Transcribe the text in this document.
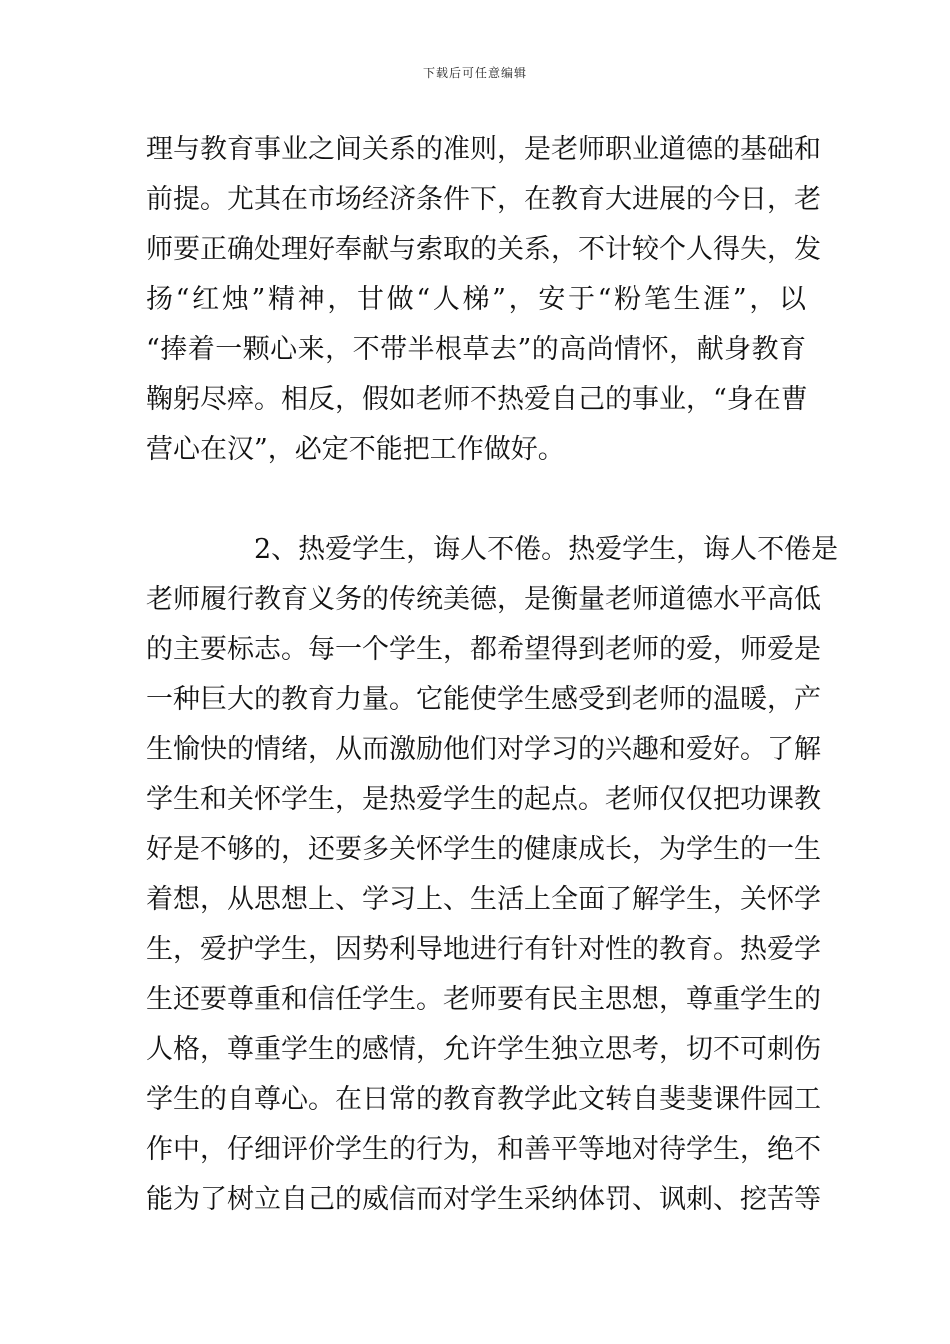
下载后可任意编辑
理与教育事业之间关系的准则，是老师职业道德的基础和
前提。尤其在市场经济条件下，在教育大进展的今日，老
师要正确处理好奉献与索取的关系，不计较个人得失，发
扬“红烛”精神，甘做“人梯”，安于“粉笔生涯”，以
“捧着一颗心来，不带半根草去”的高尚情怀，献身教育
鞠躬尽瘁。相反，假如老师不热爱自己的事业，“身在曹
营心在汉”，必定不能把工作做好。
2、热爱学生，诲人不倦。热爱学生，诲人不倦是
老师履行教育义务的传统美德，是衡量老师道德水平高低
的主要标志。每一个学生，都希望得到老师的爱，师爱是
一种巨大的教育力量。它能使学生感受到老师的温暖，产
生愉快的情绪，从而激励他们对学习的兴趣和爱好。了解
学生和关怀学生，是热爱学生的起点。老师仅仅把功课教
好是不够的，还要多关怀学生的健康成长，为学生的一生
着想，从思想上、学习上、生活上全面了解学生，关怀学
生，爱护学生，因势利导地进行有针对性的教育。热爱学
生还要尊重和信任学生。老师要有民主思想，尊重学生的
人格，尊重学生的感情，允许学生独立思考，切不可刺伤
学生的自尊心。在日常的教育教学此文转自斐斐课件园工
作中，仔细评价学生的行为，和善平等地对待学生，绝不
能为了树立自己的威信而对学生采纳体罚、讽刺、挖苦等
